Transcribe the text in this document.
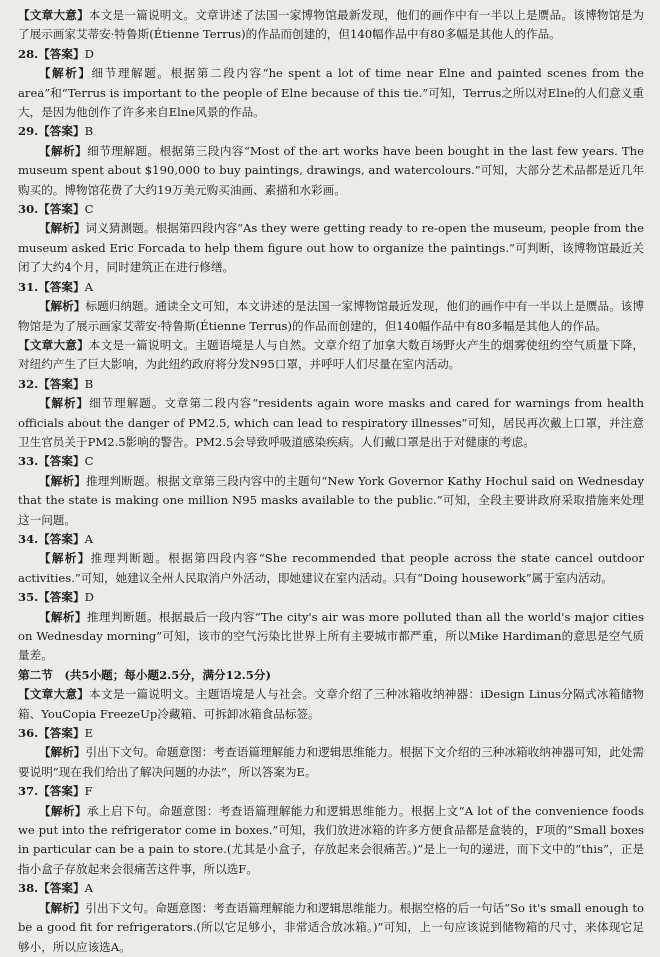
【文章大意】本文是一篇说明文。文章讲述了法国一家博物馆最新发现，他们的画作中有一半以上是赝品。该博物馆是为了展示画家艾蒂安·特鲁斯(Étienne Terrus)的作品而创建的，但140幅作品中有80多幅是其他人的作品。

28.【答案】D

【解析】细节理解题。根据第二段内容“he spent a lot of time near Elne and painted scenes from the area”和“Terrus is important to the people of Elne because of this tie.”可知，Terrus之所以对Elne的人们意义重大，是因为他创作了许多来自Elne风景的作品。

29.【答案】B

【解析】细节理解题。根据第三段内容“Most of the art works have been bought in the last few years. The museum spent about $190,000 to buy paintings, drawings, and watercolours.”可知，大部分艺术品都是近几年购买的。博物馆花费了大约19万美元购买油画、素描和水彩画。

30.【答案】C

【解析】词义猜测题。根据第四段内容“As they were getting ready to re-open the museum, people from the museum asked Eric Forcada to help them figure out how to organize the paintings.”可判断，该博物馆最近关闭了大约4个月，同时建筑正在进行修缮。

31.【答案】A

【解析】标题归纳题。通读全文可知，本文讲述的是法国一家博物馆最近发现，他们的画作中有一半以上是赝品。该博物馆是为了展示画家艾蒂安·特鲁斯(Étienne Terrus)的作品而创建的，但140幅作品中有80多幅是其他人的作品。

【文章大意】本文是一篇说明文。主题语境是人与自然。文章介绍了加拿大数百场野火产生的烟雾使纽约空气质量下降，对纽约产生了巨大影响，为此纽约政府将分发N95口罩，并呼吁人们尽量在室内活动。

32.【答案】B

【解析】细节理解题。文章第二段内容“residents again wore masks and cared for warnings from health officials about the danger of PM2.5, which can lead to respiratory illnesses”可知，居民再次戴上口罩，并注意卫生官员关于PM2.5影响的警告。PM2.5会导致呼吸道感染疾病。人们戴口罩是出于对健康的考虑。

33.【答案】C

【解析】推理判断题。根据文章第三段内容中的主题句“New York Governor Kathy Hochul said on Wednesday that the state is making one million N95 masks available to the public.”可知，全段主要讲政府采取措施来处理这一问题。

34.【答案】A

【解析】推理判断题。根据第四段内容“She recommended that people across the state cancel outdoor activities.”可知，她建议全州人民取消户外活动，即她建议在室内活动。只有“Doing housework”属于室内活动。

35.【答案】D

【解析】推理判断题。根据最后一段内容“The city's air was more polluted than all the world's major cities on Wednesday morning”可知，该市的空气污染比世界上所有主要城市都严重，所以Mike Hardiman的意思是空气质量差。

第二节　(共5小题；每小题2.5分，满分12.5分)

【文章大意】本文是一篇说明文。主题语境是人与社会。文章介绍了三种冰箱收纳神器：iDesign Linus分隔式冰箱储物箱、YouCopia FreezeUp冷藏箱、可拆卸冰箱食品标签。

36.【答案】E

【解析】引出下文句。命题意图：考查语篇理解能力和逻辑思维能力。根据下文介绍的三种冰箱收纳神器可知，此处需要说明“现在我们给出了解决问题的办法”，所以答案为E。

37.【答案】F

【解析】承上启下句。命题意图：考查语篇理解能力和逻辑思维能力。根据上文“A lot of the convenience foods we put into the refrigerator come in boxes.”可知，我们放进冰箱的许多方便食品都是盒装的，F项的“Small boxes in particular can be a pain to store.(尤其是小盒子，存放起来会很痛苦。)”是上一句的递进，而下文中的“this”，正是指小盒子存放起来会很痛苦这件事，所以选F。

38.【答案】A

【解析】引出下文句。命题意图：考查语篇理解能力和逻辑思维能力。根据空格的后一句话“So it's small enough to be a good fit for refrigerators.(所以它足够小，非常适合放冰箱。)”可知，上一句应该说到储物箱的尺寸，来体现它足够小，所以应该选A。
